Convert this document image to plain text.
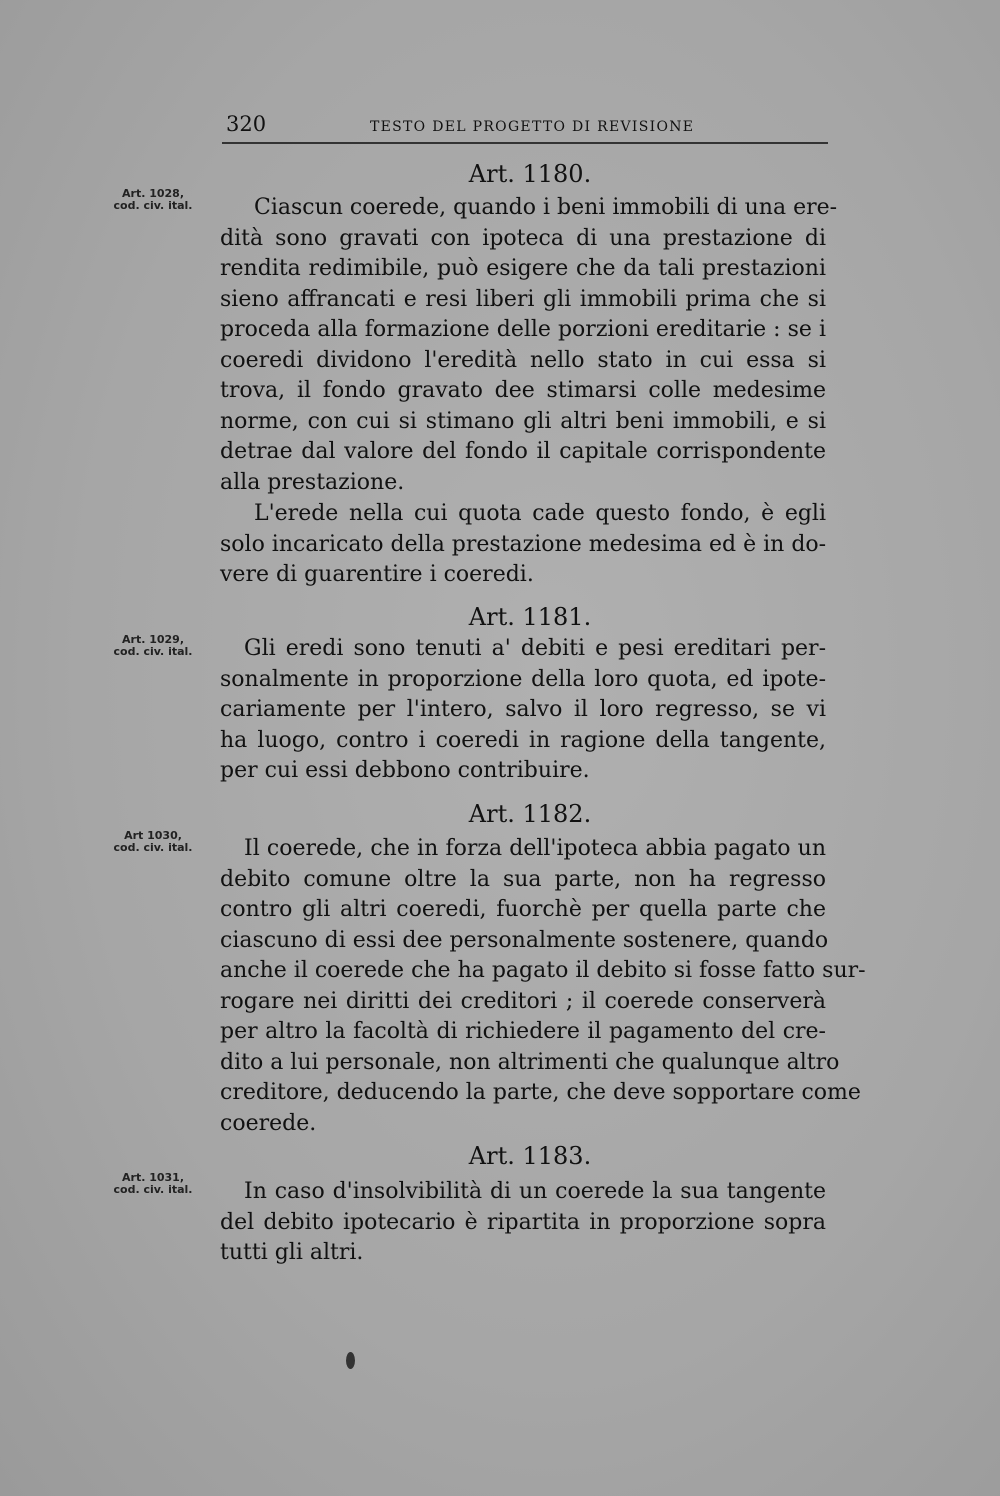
320	TESTO DEL PROGETTO DI REVISIONE
Art. 1180.
Art. 1028,
cod. civ. ital.	Ciascun coerede, quando i beni immobili di una ere-
dità sono gravati con ipoteca di una prestazione di
rendita redimibile, può esigere che da tali prestazioni
sieno affrancati e resi liberi gli immobili prima che si
proceda alla formazione delle porzioni ereditarie : se i
coeredi dividono l'eredità nello stato in cui essa si
trova, il fondo gravato dee stimarsi colle medesime
norme, con cui si stimano gli altri beni immobili, e si
detrae dal valore del fondo il capitale corrispondente
alla prestazione.

L'erede nella cui quota cade questo fondo, è egli
solo incaricato della prestazione medesima ed è in do-
vere di guarentire i coeredi.

Art. 1181.
Art. 1029,
cod. civ. ital.	Gli eredi sono tenuti a' debiti e pesi ereditari per-
sonalmente in proporzione della loro quota, ed ipote-
cariamente per l'intero, salvo il loro regresso, se vi
ha luogo, contro i coeredi in ragione della tangente,
per cui essi debbono contribuire.

Art. 1182.
Art 1030,
cod. civ. ital.	Il coerede, che in forza dell'ipoteca abbia pagato un
debito comune oltre la sua parte, non ha regresso
contro gli altri coeredi, fuorchè per quella parte che
ciascuno di essi dee personalmente sostenere, quando
anche il coerede che ha pagato il debito si fosse fatto sur-
rogare nei diritti dei creditori ; il coerede conserverà
per altro la facoltà di richiedere il pagamento del cre-
dito a lui personale, non altrimenti che qualunque altro
creditore, deducendo la parte, che deve sopportare come
coerede.

Art. 1183.
Art. 1031,
cod. civ. ital.	In caso d'insolvibilità di un coerede la sua tangente
del debito ipotecario è ripartita in proporzione sopra
tutti gli altri.
